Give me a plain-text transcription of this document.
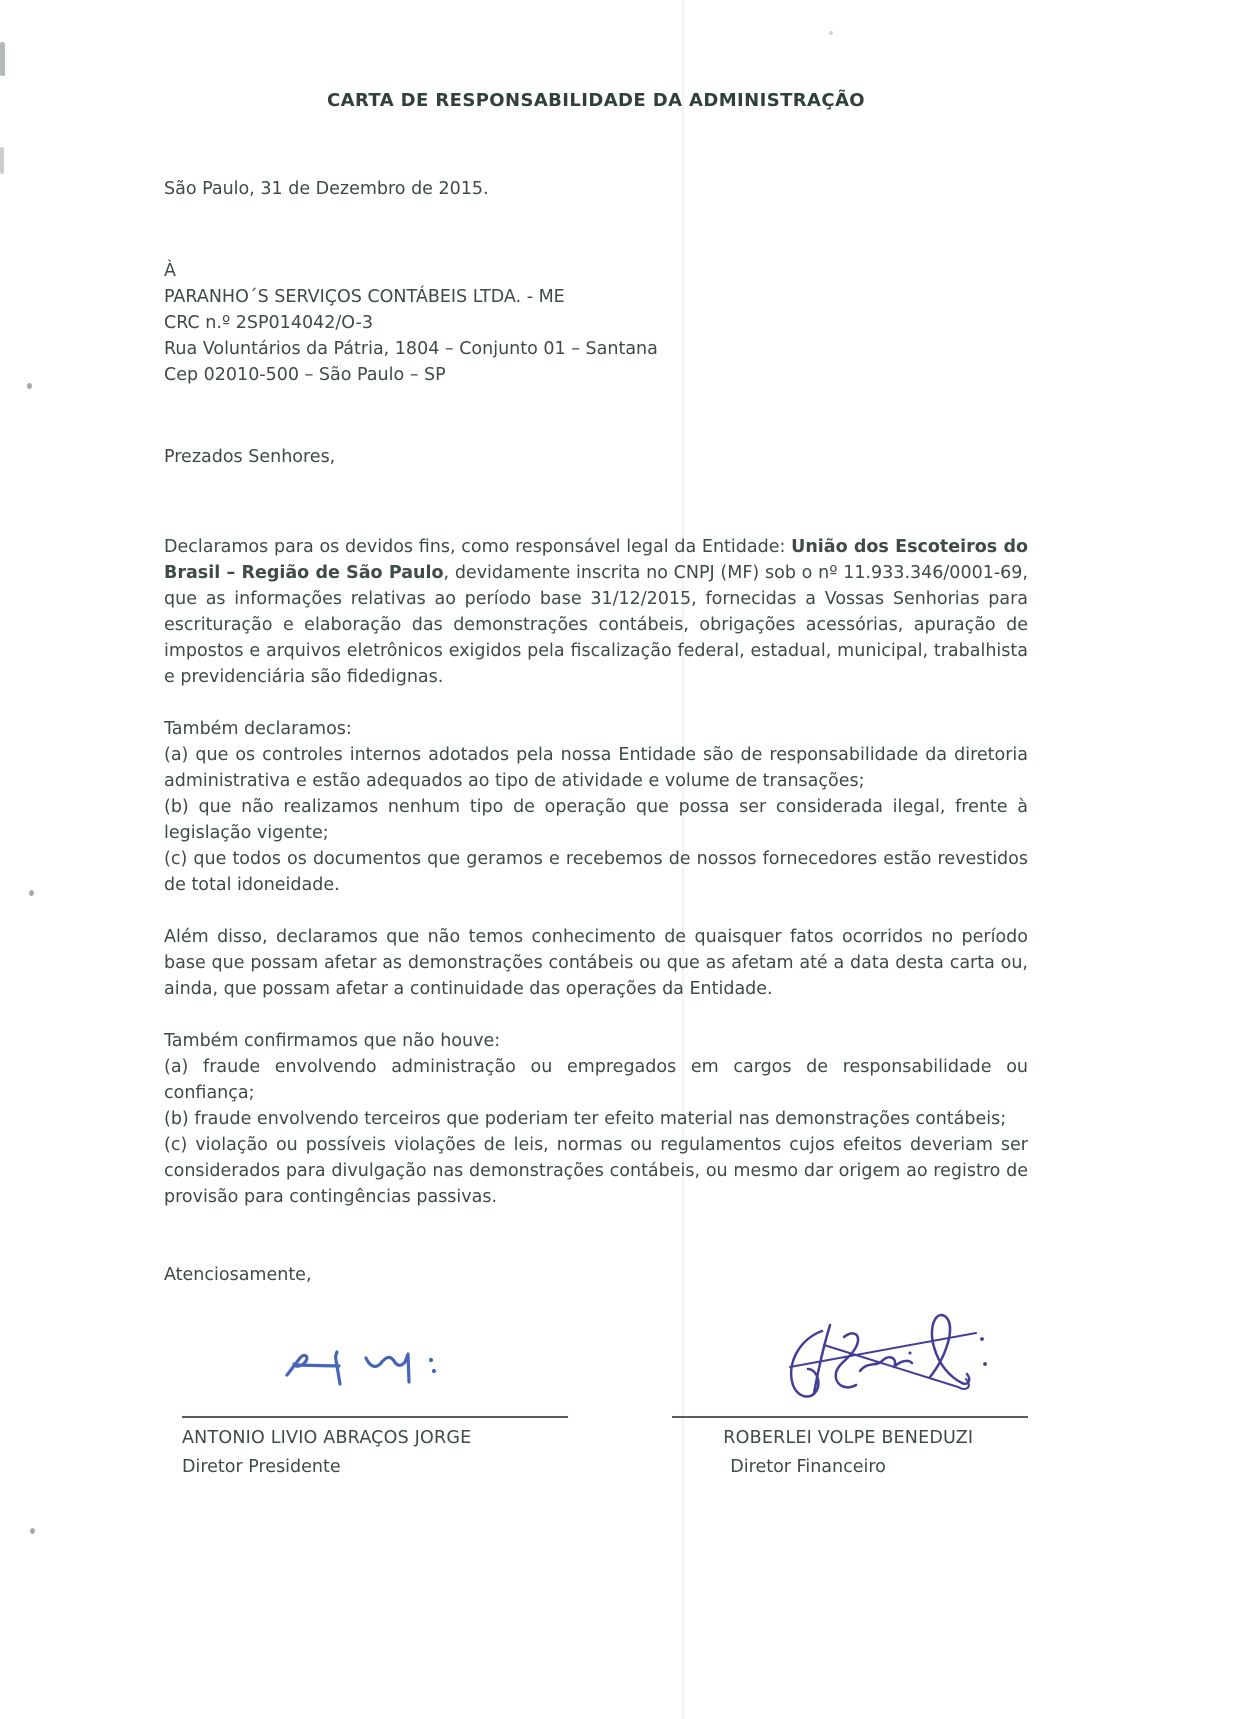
CARTA DE RESPONSABILIDADE DA ADMINISTRAÇÃO
São Paulo, 31 de Dezembro de 2015.
À
PARANHO´S SERVIÇOS CONTÁBEIS LTDA. - ME
CRC n.º 2SP014042/O-3
Rua Voluntários da Pátria, 1804 – Conjunto 01 – Santana
Cep 02010-500 – São Paulo – SP
Prezados Senhores,
Declaramos para os devidos fins, como responsável legal da Entidade: União dos Escoteiros do Brasil – Região de São Paulo, devidamente inscrita no CNPJ (MF) sob o nº 11.933.346/0001-69, que as informações relativas ao período base 31/12/2015, fornecidas a Vossas Senhorias para escrituração e elaboração das demonstrações contábeis, obrigações acessórias, apuração de impostos e arquivos eletrônicos exigidos pela fiscalização federal, estadual, municipal, trabalhista e previdenciária são fidedignas.
Também declaramos:
(a) que os controles internos adotados pela nossa Entidade são de responsabilidade da diretoria administrativa e estão adequados ao tipo de atividade e volume de transações;
(b) que não realizamos nenhum tipo de operação que possa ser considerada ilegal, frente à legislação vigente;
(c) que todos os documentos que geramos e recebemos de nossos fornecedores estão revestidos de total idoneidade.
Além disso, declaramos que não temos conhecimento de quaisquer fatos ocorridos no período base que possam afetar as demonstrações contábeis ou que as afetam até a data desta carta ou, ainda, que possam afetar a continuidade das operações da Entidade.
Também confirmamos que não houve:
(a) fraude envolvendo administração ou empregados em cargos de responsabilidade ou confiança;
(b) fraude envolvendo terceiros que poderiam ter efeito material nas demonstrações contábeis;
(c) violação ou possíveis violações de leis, normas ou regulamentos cujos efeitos deveriam ser considerados para divulgação nas demonstrações contábeis, ou mesmo dar origem ao registro de provisão para contingências passivas.
Atenciosamente,
ANTONIO LIVIO ABRAÇOS JORGE
Diretor Presidente
ROBERLEI VOLPE BENEDUZI
Diretor Financeiro
